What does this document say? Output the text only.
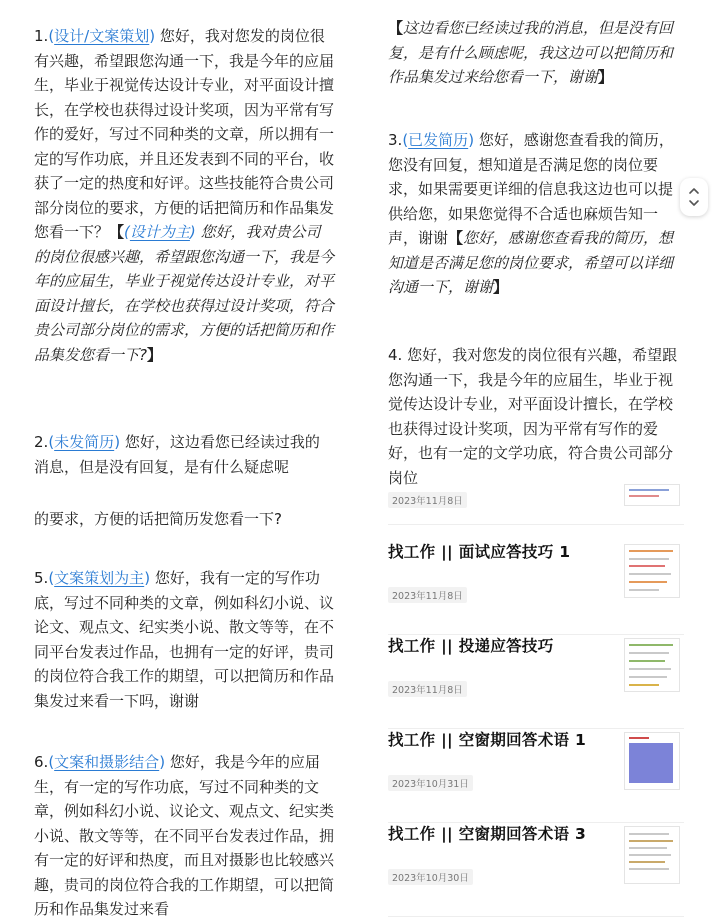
1.(设计/文案策划) 您好，我对您发的岗位很有兴趣，希望跟您沟通一下，我是今年的应届生，毕业于视觉传达设计专业，对平面设计擅长，在学校也获得过设计奖项，因为平常有写作的爱好，写过不同种类的文章，所以拥有一定的写作功底，并且还发表到不同的平台，收获了一定的热度和好评。这些技能符合贵公司部分岗位的要求，方便的话把简历和作品集发您看一下？【(设计为主) 您好，我对贵公司的岗位很感兴趣，希望跟您沟通一下，我是今年的应届生，毕业于视觉传达设计专业，对平面设计擅长，在学校也获得过设计奖项，符合贵公司部分岗位的需求，方便的话把简历和作品集发您看一下?】
2.(未发简历) 您好，这边看您已经读过我的消息，但是没有回复，是有什么疑虑呢
的要求，方便的话把简历发您看一下?
5.(文案策划为主) 您好，我有一定的写作功底，写过不同种类的文章，例如科幻小说、议论文、观点文、纪实类小说、散文等等，在不同平台发表过作品，也拥有一定的好评，贵司的岗位符合我工作的期望，可以把简历和作品集发过来看一下吗，谢谢
6.(文案和摄影结合) 您好，我是今年的应届生，有一定的写作功底，写过不同种类的文章，例如科幻小说、议论文、观点文、纪实类小说、散文等等，在不同平台发表过作品，拥有一定的好评和热度，而且对摄影也比较感兴趣，贵司的岗位符合我的工作期望，可以把简历和作品集发过来看
【这边看您已经读过我的消息，但是没有回复，是有什么顾虑呢，我这边可以把简历和作品集发过来给您看一下，谢谢】
3.(已发简历) 您好，感谢您查看我的简历，您没有回复，想知道是否满足您的岗位要求，如果需要更详细的信息我这边也可以提供给您，如果您觉得不合适也麻烦告知一声，谢谢【您好，感谢您查看我的简历，想知道是否满足您的岗位要求，希望可以详细沟通一下，谢谢】
4. 您好，我对您发的岗位很有兴趣，希望跟您沟通一下，我是今年的应届生，毕业于视觉传达设计专业，对平面设计擅长，在学校也获得过设计奖项，因为平常有写作的爱好，也有一定的文学功底，符合贵公司部分岗位
2023年11月8日
找工作 || 面试应答技巧 1
2023年11月8日
找工作 || 投递应答技巧
2023年11月8日
找工作 || 空窗期回答术语 1
2023年10月31日
找工作 || 空窗期回答术语 3
2023年10月30日
